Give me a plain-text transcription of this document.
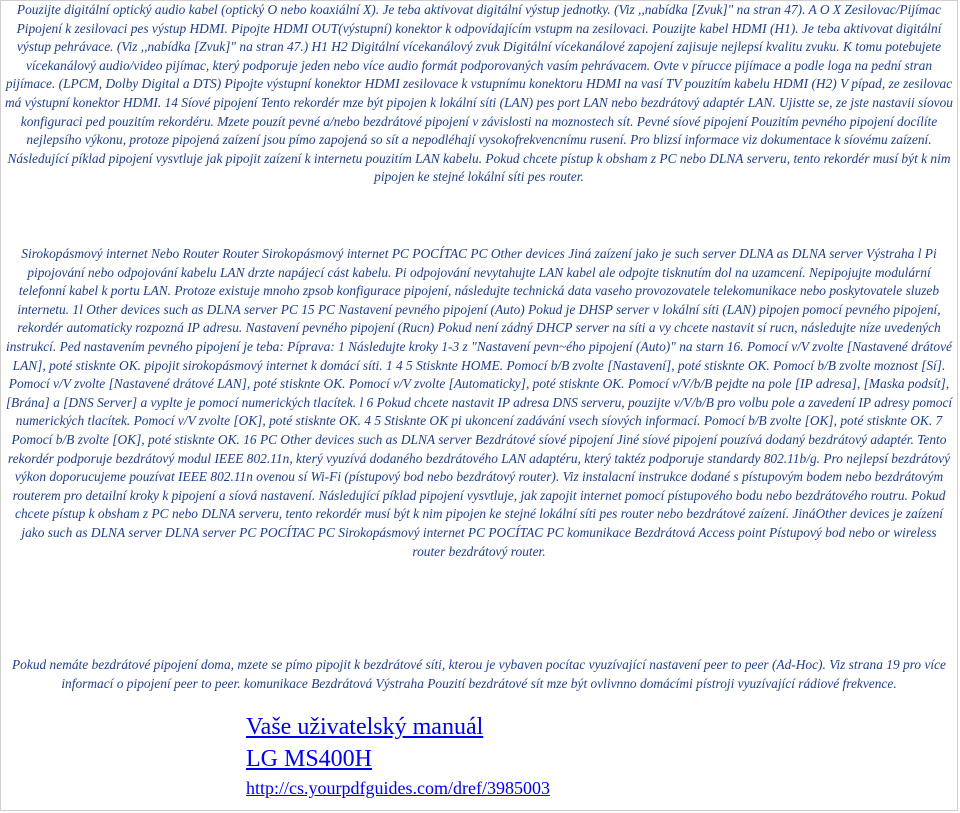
Pouzijte digitální optický audio kabel (optický O nebo koaxiální X). Je teba aktivovat digitální výstup jednotky. (Viz ,,nabídka [Zvuk]" na stran 47). A O X Zesilovac/Pijímac Pipojení k zesilovaci pes výstup HDMI. Pipojte HDMI OUT(výstupní) konektor k odpovídajícím vstupm na zesilovaci. Pouzijte kabel HDMI (H1). Je teba aktivovat digitální výstup pehrávace. (Viz ,,nabídka [Zvuk]" na stran 47.) H1 H2 Digitální vícekanálový zvuk Digitální vícekanálové zapojení zajisuje nejlepsí kvalitu zvuku. K tomu potebujete vícekanálový audio/video pijímac, který podporuje jeden nebo více audio formát podporovaných vasím pehrávacem. Ovte v pírucce pijímace a podle loga na pední stran pijímace. (LPCM, Dolby Digital a DTS) Pipojte výstupní konektor HDMI zesilovace k vstupnímu konektoru HDMI na vasí TV pouzitím kabelu HDMI (H2) V pípad, ze zesilovac má výstupní konektor HDMI. 14 Síové pipojení Tento rekordér mze být pipojen k lokální síti (LAN) pes port LAN nebo bezdrátový adaptér LAN. Ujistte se, ze jste nastavii síovou konfiguraci ped pouzitím rekordéru. Mzete pouzít pevné a/nebo bezdrátové pipojení v závislosti na moznostech sít. Pevné síové pipojení Pouzitím pevného pipojení docílíte nejlepsího výkonu, protoze pipojená zaízení jsou pímo zapojená so sít a nepodléhají vysokofrekvencnímu rusení. Pro blizsí informace viz dokumentace k síovému zaízení. Následující píklad pipojení vysvtluje jak pipojit zaízení k internetu pouzitím LAN kabelu. Pokud chcete pístup k obsham z PC nebo DLNA serveru, tento rekordér musí být k nim pipojen ke stejné lokální síti pes router.

Sirokopásmový internet Nebo Router Router Sirokopásmový internet PC POCÍTAC PC Other devices Jiná zaízení jako je such server DLNA as DLNA server Výstraha l Pi pipojování nebo odpojování kabelu LAN drzte napájecí cást kabelu. Pi odpojování nevytahujte LAN kabel ale odpojte tisknutím dol na uzamcení. Nepipojujte modulární telefonní kabel k portu LAN. Protoze existuje mnoho zpsob konfigurace pipojení, následujte technická data vaseho provozovatele telekomunikace nebo poskytovatele sluzeb internetu. 1l Other devices such as DLNA server PC 15 PC Nastavení pevného pipojení (Auto) Pokud je DHSP server v lokální síti (LAN) pipojen pomocí pevného pipojení, rekordér automaticky rozpozná IP adresu. Nastavení pevného pipojení (Rucn) Pokud není zádný DHCP server na síti a vy chcete nastavit sí rucn, následujte níze uvedených instrukcí. Ped nastavením pevného pipojení je teba: Píprava: 1 Následujte kroky 1-3 z "Nastavení pevn~ého pipojení (Auto)" na starn 16. Pomocí v/V zvolte [Nastavené drátové LAN], poté stisknte OK. pipojit sirokopásmový internet k domácí síti. 1 4 5 Stisknte HOME. Pomocí b/B zvolte [Nastavení], poté stisknte OK. Pomocí b/B zvolte moznost [Sí]. Pomocí v/V zvolte [Nastavené drátové LAN], poté stisknte OK. Pomocí v/V zvolte [Automaticky], poté stisknte OK. Pomocí v/V/b/B pejdte na pole [IP adresa], [Maska podsít], [Brána] a [DNS Server] a vyplte je pomocí numerických tlacítek. l 6 Pokud chcete nastavit IP adresa DNS serveru, pouzijte v/V/b/B pro volbu pole a zavedení IP adresy pomocí numerických tlacítek. Pomocí v/V zvolte [OK], poté stisknte OK. 4 5 Stisknte OK pi ukoncení zadávání vsech síových informací. Pomocí b/B zvolte [OK], poté stisknte OK. 7 Pomocí b/B zvolte [OK], poté stisknte OK. 16 PC Other devices such as DLNA server Bezdrátové síové pipojení Jiné síové pipojení pouzívá dodaný bezdrátový adaptér. Tento rekordér podporuje bezdrátový modul IEEE 802.11n, který vyuzívá dodaného bezdrátového LAN adaptéru, který taktéz podporuje standardy 802.11b/g. Pro nejlepsí bezdrátový výkon doporucujeme pouzívat IEEE 802.11n ovenou sí Wi-Fi (pístupový bod nebo bezdrátový router). Viz instalacní instrukce dodané s pístupovým bodem nebo bezdrátovým routerem pro detailní kroky k pipojení a síová nastavení. Následující píklad pipojení vysvtluje, jak zapojit internet pomocí pístupového bodu nebo bezdrátového routru. Pokud chcete pístup k obsham z PC nebo DLNA serveru, tento rekordér musí být k nim pipojen ke stejné lokální síti pes router nebo bezdrátové zaízení. JináOther devices je zaízení jako such as DLNA server DLNA server PC POCÍTAC PC Sirokopásmový internet PC POCÍTAC PC komunikace Bezdrátová Access point Pístupový bod nebo or wireless router bezdrátový router.

Pokud nemáte bezdrátové pipojení doma, mzete se pímo pipojit k bezdrátové síti, kterou je vybaven pocítac vyuzívající nastavení peer to peer (Ad-Hoc). Viz strana 19 pro více informací o pipojení peer to peer. komunikace Bezdrátová Výstraha Pouzití bezdrátové sít mze být ovlivnno domácími pístroji vyuzívající rádiové frekvence.

Vaše uživatelský manuál
LG MS400H
http://cs.yourpdfguides.com/dref/3985003
